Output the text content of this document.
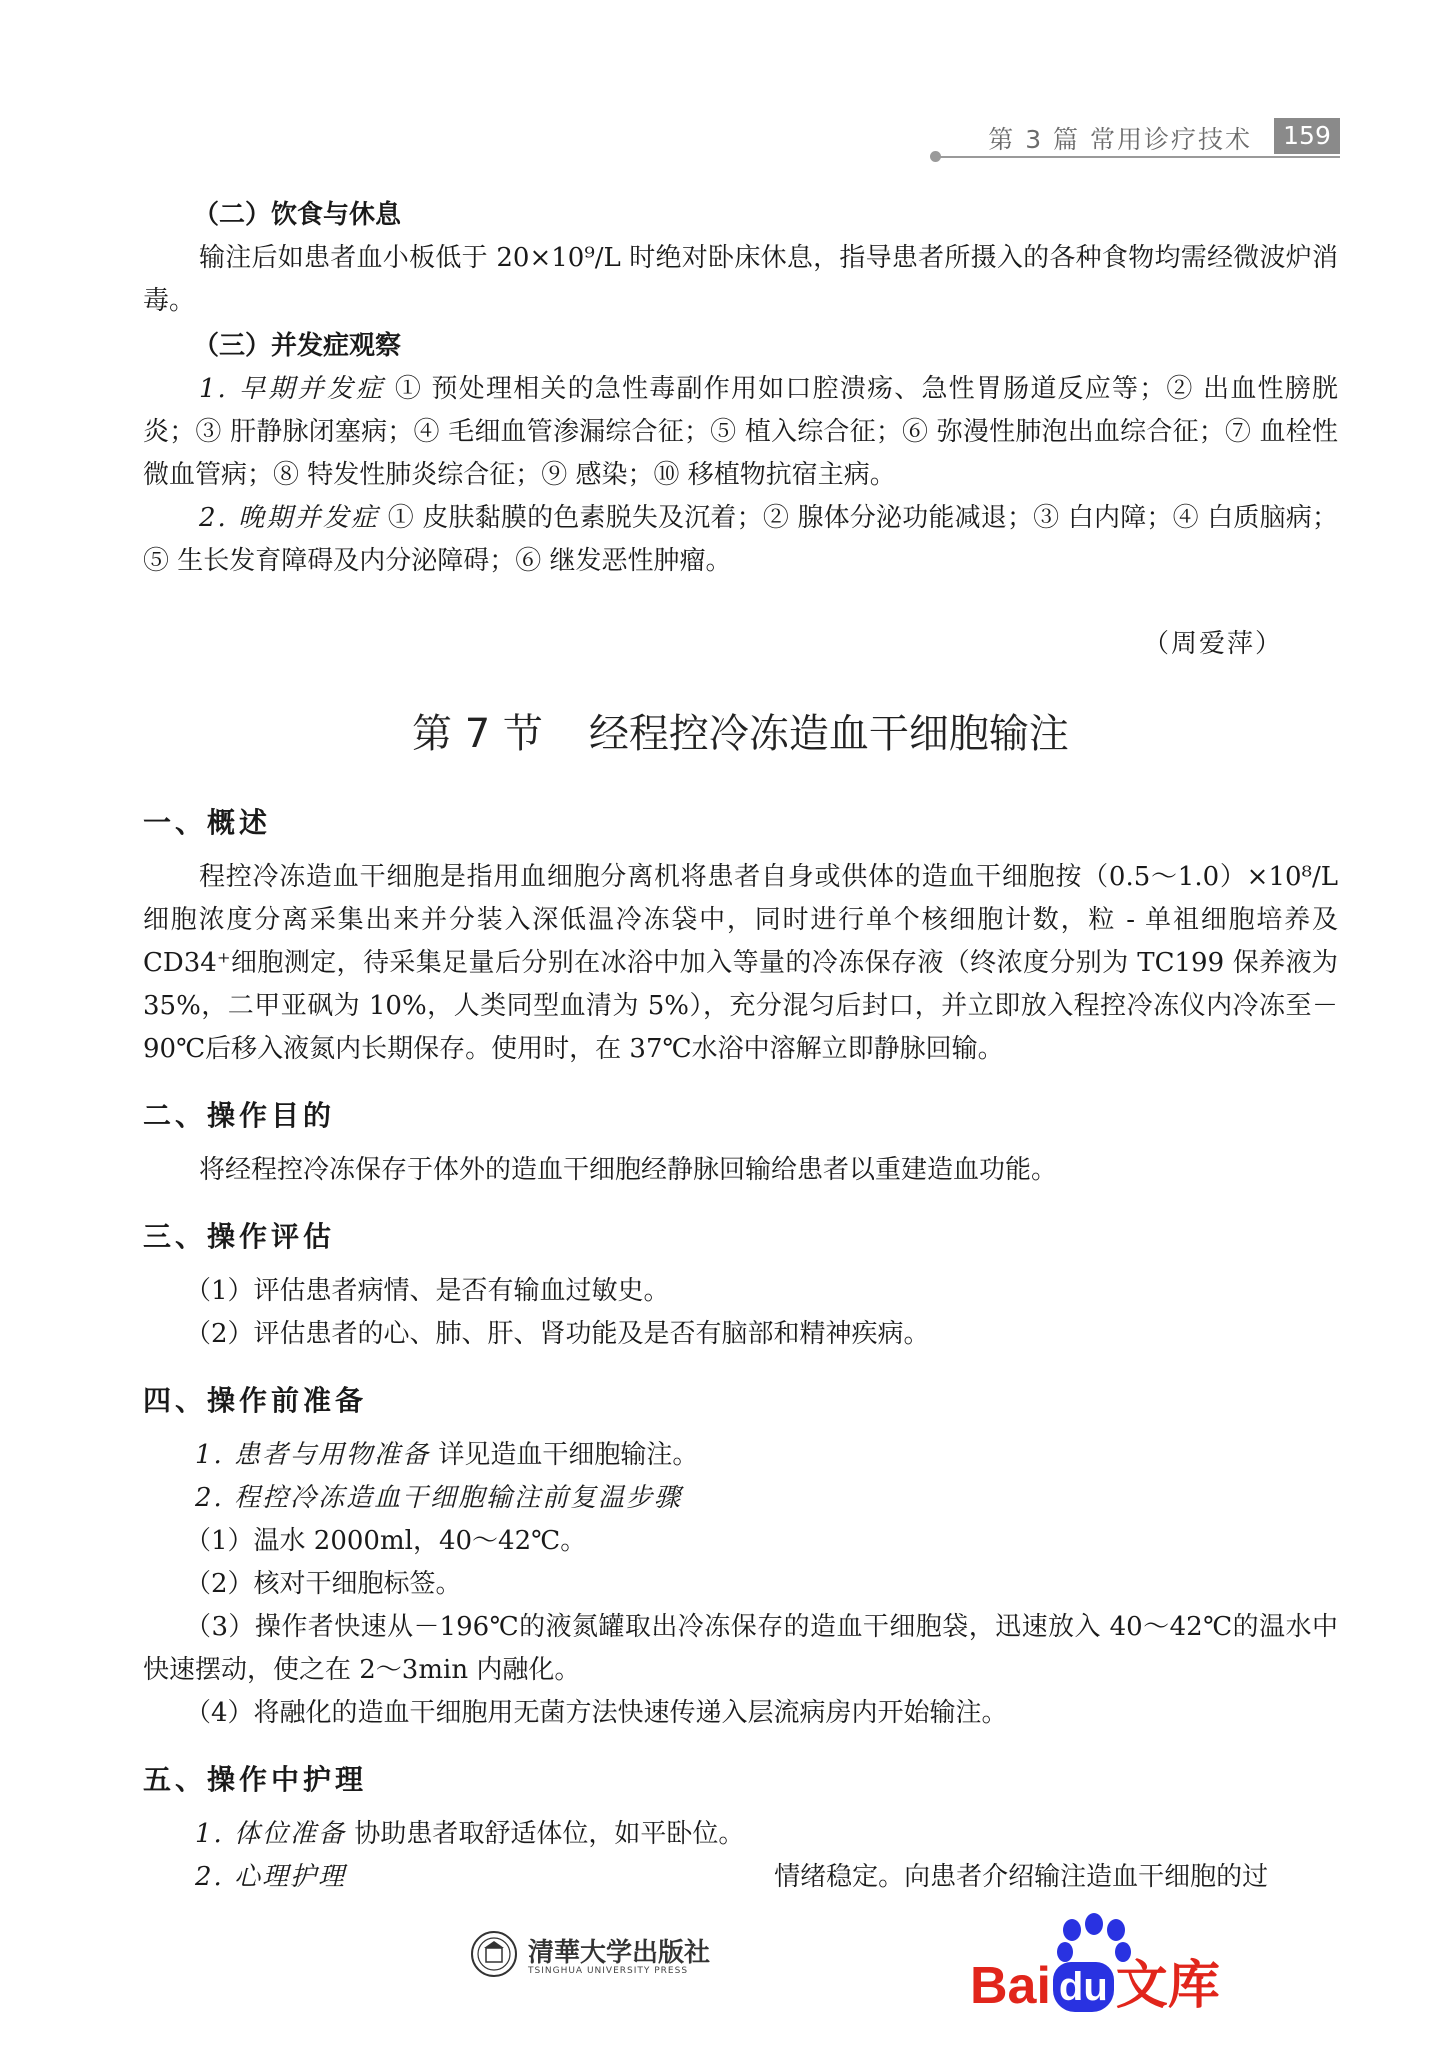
第 3 篇 常用诊疗技术	159
（二）饮食与休息

输注后如患者血小板低于 20×10⁹/L 时绝对卧床休息，指导患者所摄入的各种食物均需经微波炉消毒。

（三）并发症观察

1. 早期并发症 ① 预处理相关的急性毒副作用如口腔溃疡、急性胃肠道反应等；② 出血性膀胱炎；③ 肝静脉闭塞病；④ 毛细血管渗漏综合征；⑤ 植入综合征；⑥ 弥漫性肺泡出血综合征；⑦ 血栓性微血管病；⑧ 特发性肺炎综合征；⑨ 感染；⑩ 移植物抗宿主病。

2. 晚期并发症 ① 皮肤黏膜的色素脱失及沉着；② 腺体分泌功能减退；③ 白内障；④ 白质脑病；⑤ 生长发育障碍及内分泌障碍；⑥ 继发恶性肿瘤。

（周爱萍）

第 7 节 经程控冷冻造血干细胞输注
一、概述

程控冷冻造血干细胞是指用血细胞分离机将患者自身或供体的造血干细胞按（0.5～1.0）×10⁸/L 细胞浓度分离采集出来并分装入深低温冷冻袋中，同时进行单个核细胞计数，粒 - 单祖细胞培养及 CD34⁺细胞测定，待采集足量后分别在冰浴中加入等量的冷冻保存液（终浓度分别为 TC199 保养液为 35%，二甲亚砜为 10%，人类同型血清为 5%），充分混匀后封口，并立即放入程控冷冻仪内冷冻至－90℃后移入液氮内长期保存。使用时，在 37℃水浴中溶解立即静脉回输。

二、操作目的

将经程控冷冻保存于体外的造血干细胞经静脉回输给患者以重建造血功能。

三、操作评估

（1）评估患者病情、是否有输血过敏史。

（2）评估患者的心、肺、肝、肾功能及是否有脑部和精神疾病。

四、操作前准备

1. 患者与用物准备 详见造血干细胞输注。

2. 程控冷冻造血干细胞输注前复温步骤

（1）温水 2000ml，40～42℃。

（2）核对干细胞标签。

（3）操作者快速从－196℃的液氮罐取出冷冻保存的造血干细胞袋，迅速放入 40～42℃的温水中快速摆动，使之在 2～3min 内融化。

（4）将融化的造血干细胞用无菌方法快速传递入层流病房内开始输注。

五、操作中护理

1. 体位准备 协助患者取舒适体位，如平卧位。

2. 心理护理	情绪稳定。向患者介绍输注造血干细胞的过

清華大学出版社
TSINGHUA UNIVERSITY PRESS	Bai du 文库
